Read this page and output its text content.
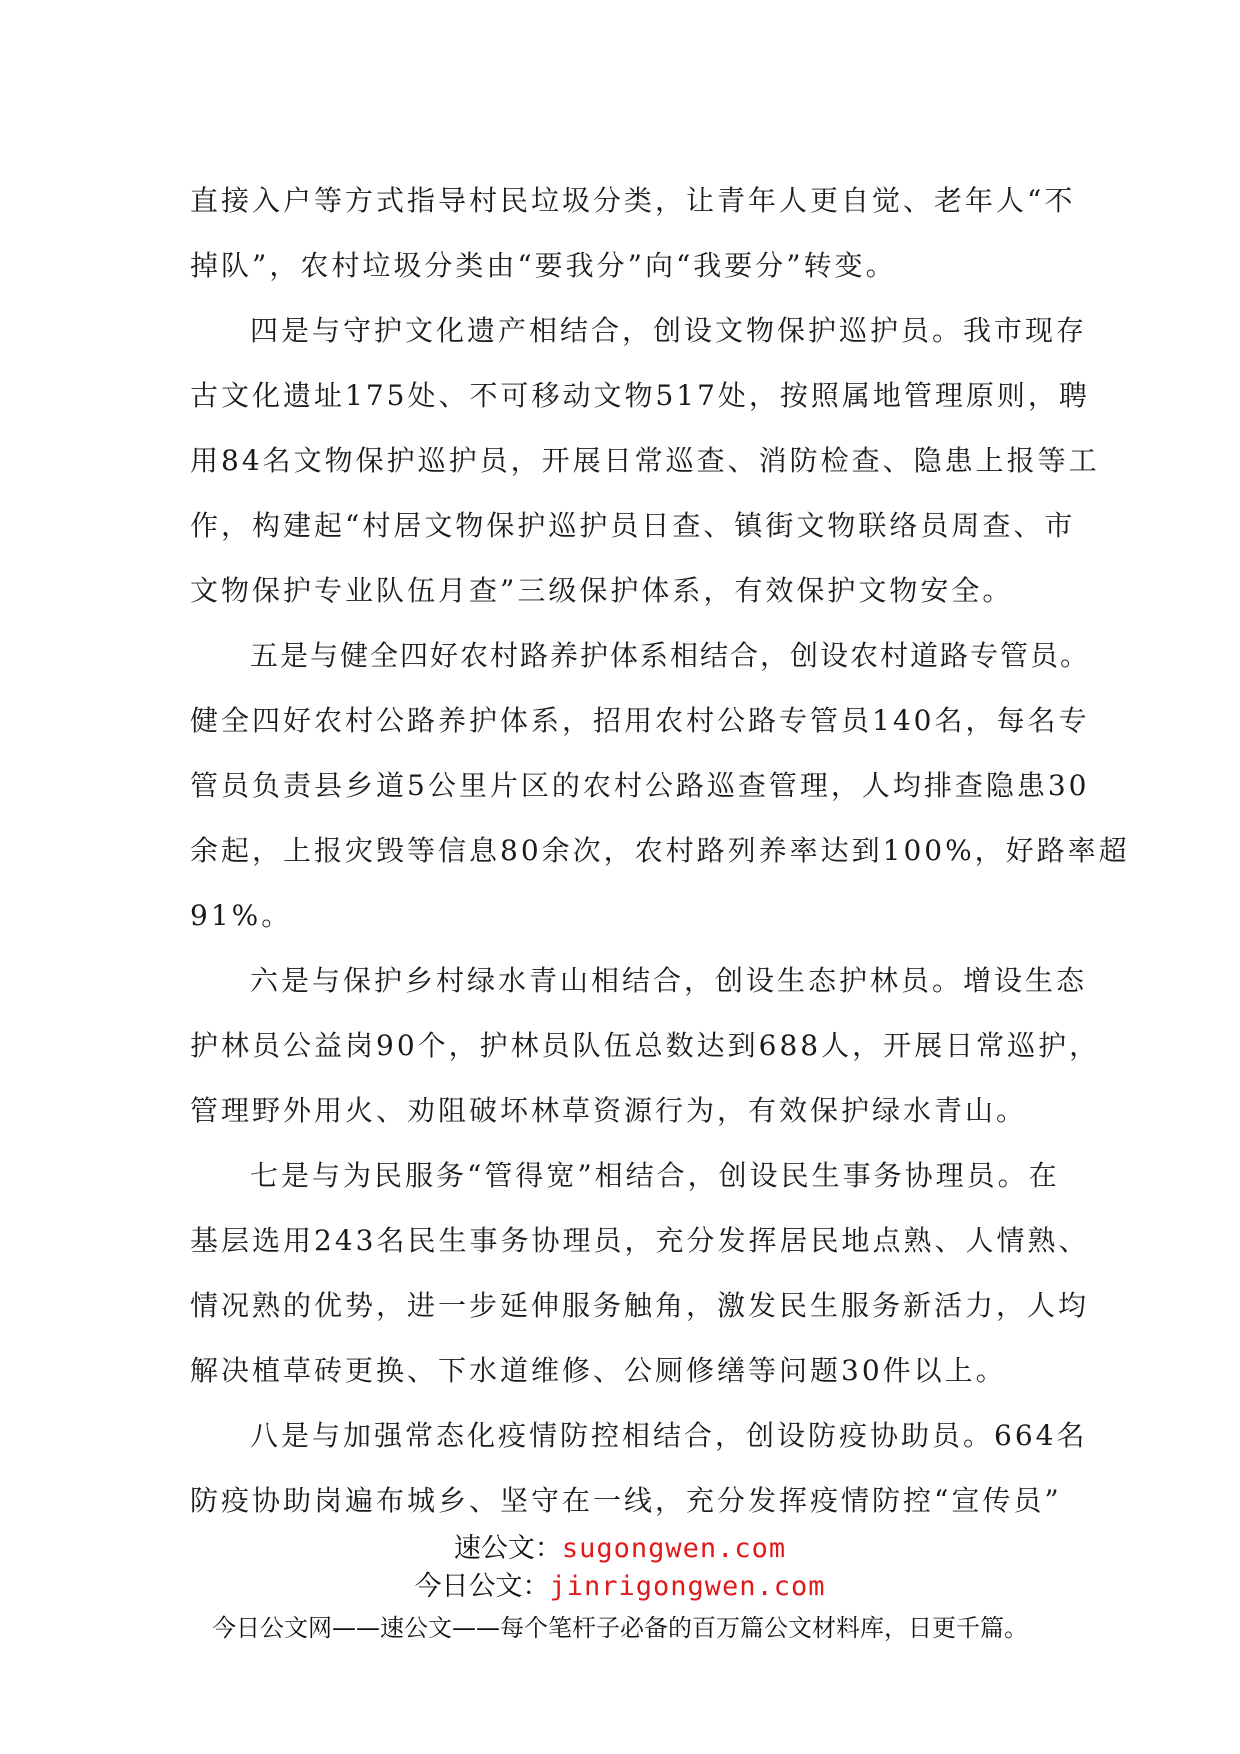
直接入户等方式指导村民垃圾分类，让青年人更自觉、老年人“不
掉队”，农村垃圾分类由“要我分”向“我要分”转变。
四是与守护文化遗产相结合，创设文物保护巡护员。我市现存
古文化遗址175处、不可移动文物517处，按照属地管理原则，聘
用84名文物保护巡护员，开展日常巡查、消防检查、隐患上报等工
作，构建起“村居文物保护巡护员日查、镇街文物联络员周查、市
文物保护专业队伍月查”三级保护体系，有效保护文物安全。
五是与健全四好农村路养护体系相结合，创设农村道路专管员。
健全四好农村公路养护体系，招用农村公路专管员140名，每名专
管员负责县乡道5公里片区的农村公路巡查管理，人均排查隐患30
余起，上报灾毁等信息80余次，农村路列养率达到100%，好路率超
91%。
六是与保护乡村绿水青山相结合，创设生态护林员。增设生态
护林员公益岗90个，护林员队伍总数达到688人，开展日常巡护，
管理野外用火、劝阻破坏林草资源行为，有效保护绿水青山。
七是与为民服务“管得宽”相结合，创设民生事务协理员。在
基层选用243名民生事务协理员，充分发挥居民地点熟、人情熟、
情况熟的优势，进一步延伸服务触角，激发民生服务新活力，人均
解决植草砖更换、下水道维修、公厕修缮等问题30件以上。
八是与加强常态化疫情防控相结合，创设防疫协助员。664名
防疫协助岗遍布城乡、坚守在一线，充分发挥疫情防控“宣传员”
速公文：sugongwen.com
今日公文：jinrigongwen.com
今日公文网——速公文——每个笔杆子必备的百万篇公文材料库，日更千篇。
